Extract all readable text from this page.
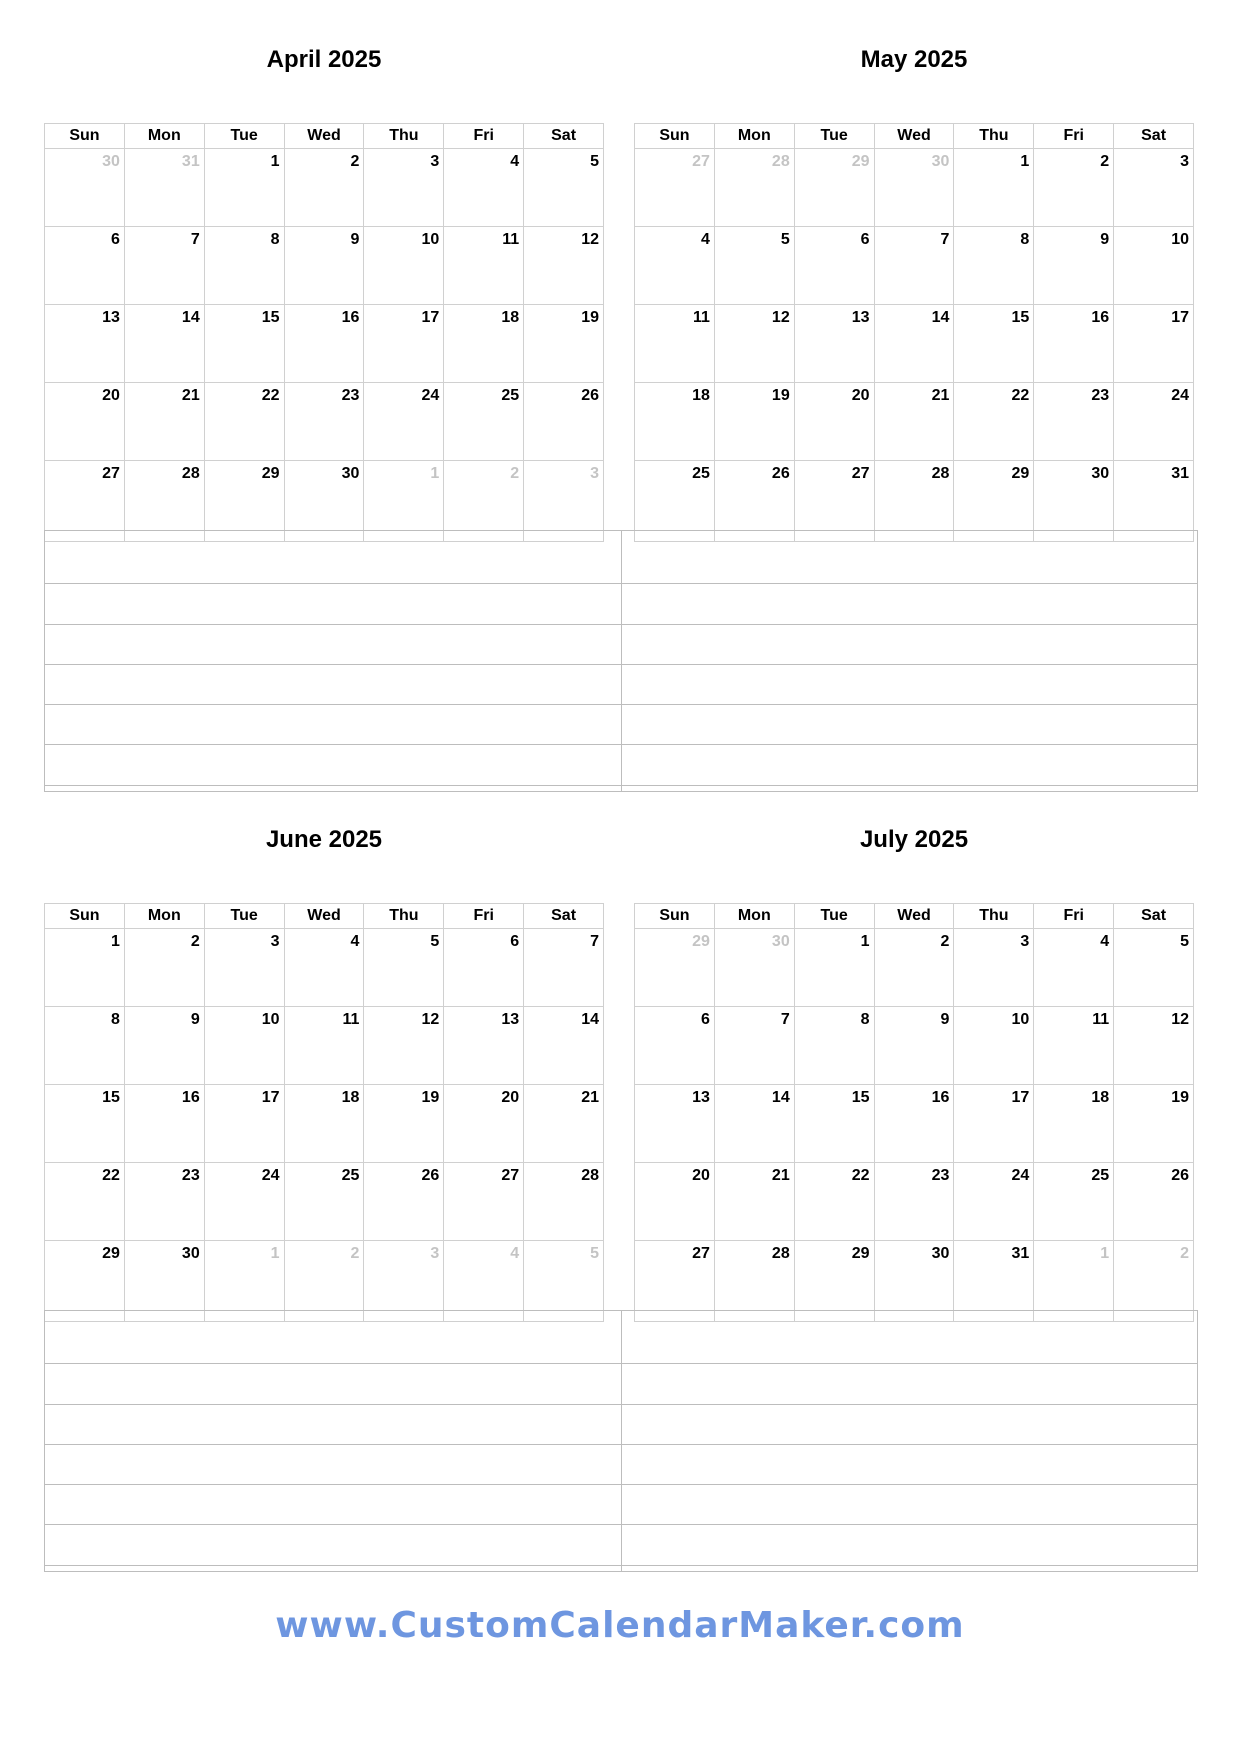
April 2025
Sun	Mon	Tue	Wed	Thu	Fri	Sat
30	31	1	2	3	4	5
6	7	8	9	10	11	12
13	14	15	16	17	18	19
20	21	22	23	24	25	26
27	28	29	30	1	2	3
May 2025
Sun	Mon	Tue	Wed	Thu	Fri	Sat
27	28	29	30	1	2	3
4	5	6	7	8	9	10
11	12	13	14	15	16	17
18	19	20	21	22	23	24
25	26	27	28	29	30	31
June 2025
Sun	Mon	Tue	Wed	Thu	Fri	Sat
1	2	3	4	5	6	7
8	9	10	11	12	13	14
15	16	17	18	19	20	21
22	23	24	25	26	27	28
29	30	1	2	3	4	5
July 2025
Sun	Mon	Tue	Wed	Thu	Fri	Sat
29	30	1	2	3	4	5
6	7	8	9	10	11	12
13	14	15	16	17	18	19
20	21	22	23	24	25	26
27	28	29	30	31	1	2
www.CustomCalendarMaker.com
